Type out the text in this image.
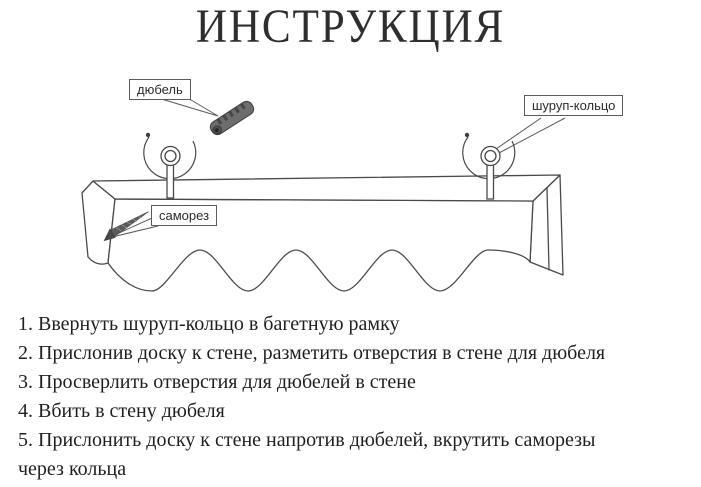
ИНСТРУКЦИЯ
дюбель
шуруп-кольцо
саморез
1. Ввернуть шуруп-кольцо в багетную рамку
2. Прислонив доску к стене, разметить отверстия в стене для дюбеля
3. Просверлить отверстия для дюбелей в стене
4. Вбить в стену дюбеля
5. Прислонить доску к стене напротив дюбелей, вкрутить саморезы
через кольца
